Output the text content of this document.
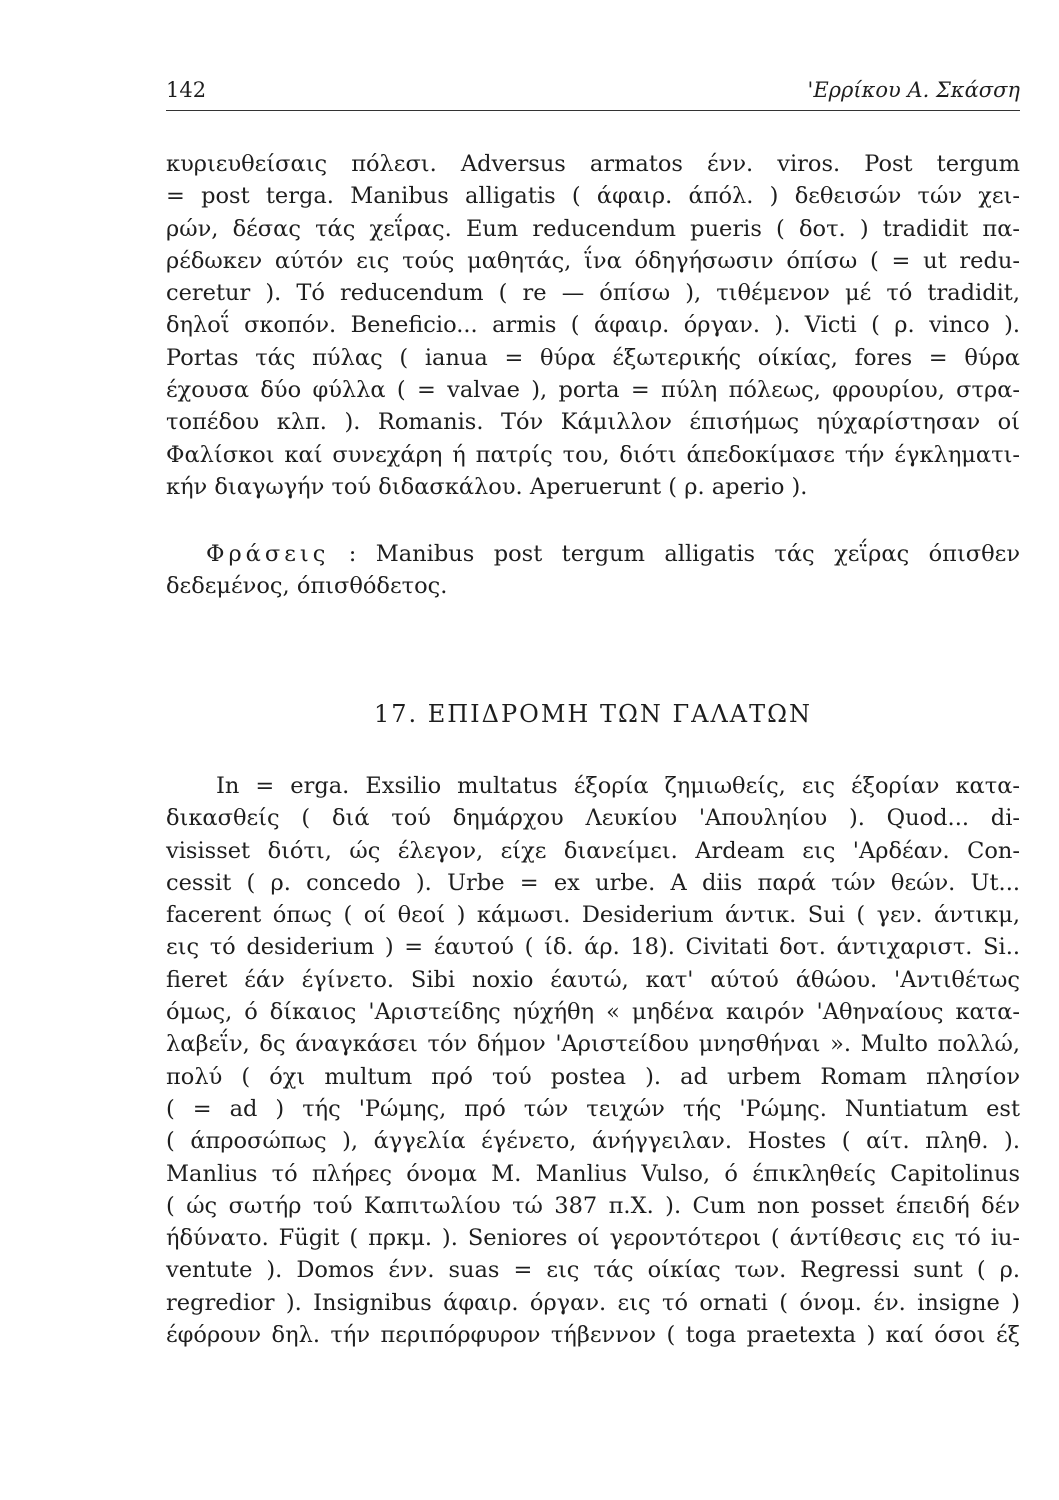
142	'Ερρίκου Α. Σκάσση
κυριευθείσαις πόλεσι. Adversus armatos ένν. viros. Post tergum
= post terga. Manibus alligatis ( άφαιρ. άπόλ. ) δεθεισών τών χει-
ρών, δέσας τάς χεΐρας. Eum reducendum pueris ( δοτ. ) tradidit πα-
ρέδωκεν αύτόν εις τούς μαθητάς, ΐνα όδηγήσωσιν όπίσω ( = ut redu-
ceretur ). Τό reducendum ( re — όπίσω ), τιθέμενον μέ τό tradidit,
δηλοΐ σκοπόν. Beneficio... armis ( άφαιρ. όργαν. ). Victi ( ρ. vinco ).
Portas τάς πύλας ( ianua = θύρα έξωτερικής οίκίας, fores = θύρα
έχουσα δύο φύλλα ( = valvae ), porta = πύλη πόλεως, φρουρίου, στρα-
τοπέδου κλπ. ). Romanis. Τόν Κάμιλλον έπισήμως ηύχαρίστησαν οί
Φαλίσκοι καί συνεχάρη ή πατρίς του, διότι άπεδοκίμασε τήν έγκληματι-
κήν διαγωγήν τού διδασκάλου. Aperuerunt ( ρ. aperio ).
Φράσεις : Manibus post tergum alligatis τάς χεΐρας όπισθεν
δεδεμένος, όπισθόδετος.
17. ΕΠΙΔΡΟΜΗ ΤΩΝ ΓΑΛΑΤΩΝ
In = erga. Exsilio multatus έξορία ζημιωθείς, εις έξορίαν κατα-
δικασθείς ( διά τού δημάρχου Λευκίου 'Απουληίου ). Quod... di-
visisset διότι, ώς έλεγον, είχε διανείμει. Ardeam εις 'Αρδέαν. Con-
cessit ( ρ. concedo ). Urbe = ex urbe. A diis παρά τών θεών. Ut...
facerent όπως ( οί θεοί ) κάμωσι. Desiderium άντικ. Sui ( γεν. άντικμ,
εις τό desiderium ) = έαυτού ( ίδ. άρ. 18). Civitati δοτ. άντιχαριστ. Si..
fieret έάν έγίνετο. Sibi noxio έαυτώ, κατ' αύτού άθώου. 'Αντιθέτως
όμως, ό δίκαιος 'Αριστείδης ηύχήθη « μηδένα καιρόν 'Αθηναίους κατα-
λαβεΐν, δς άναγκάσει τόν δήμον 'Αριστείδου μνησθήναι ». Multo πολλώ,
πολύ ( όχι multum πρό τού postea ). ad urbem Romam πλησίον
( = ad ) τής 'Ρώμης, πρό τών τειχών τής 'Ρώμης. Nuntiatum est
( άπροσώπως ), άγγελία έγένετο, άνήγγειλαν. Hostes ( αίτ. πληθ. ).
Manlius τό πλήρες όνομα M. Manlius Vulso, ό έπικληθείς Capitolinus
( ώς σωτήρ τού Καπιτωλίου τώ 387 π.Χ. ). Cum non posset έπειδή δέν
ήδύνατο. Fügit ( πρκμ. ). Seniores οί γεροντότεροι ( άντίθεσις εις τό iu-
ventute ). Domos ένν. suas = εις τάς οίκίας των. Regressi sunt ( ρ.
regredior ). Insignibus άφαιρ. όργαν. εις τό ornati ( όνομ. έν. insigne )
έφόρουν δηλ. τήν περιπόρφυρον τήβεννον ( toga praetexta ) καί όσοι έξ
